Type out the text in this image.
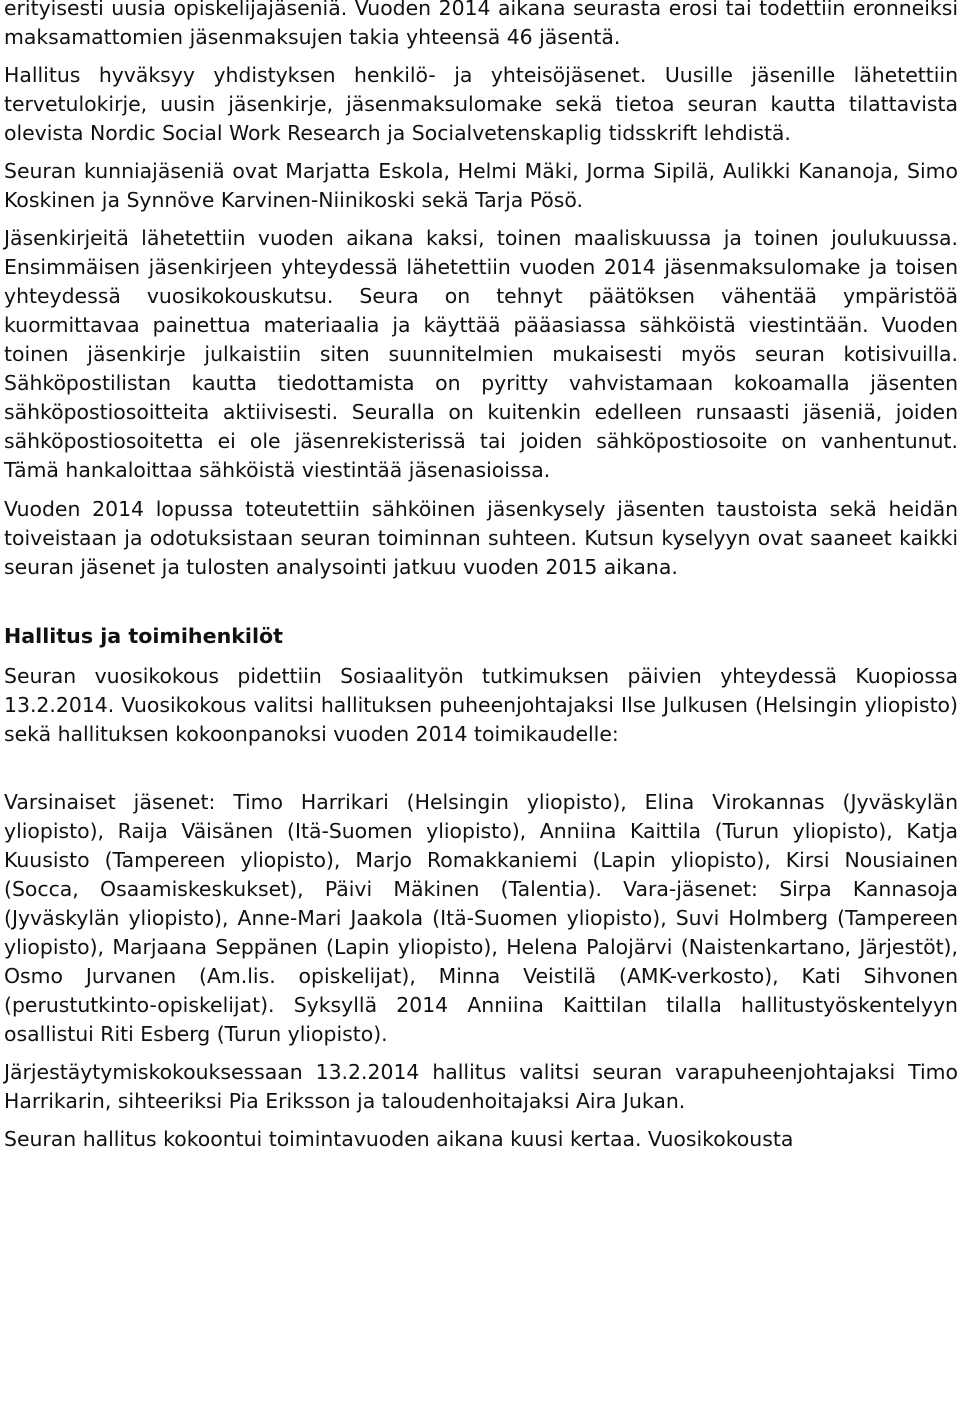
erityisesti uusia opiskelijajäseniä. Vuoden 2014 aikana seurasta erosi tai todettiin eronneiksi maksamattomien jäsenmaksujen takia yhteensä 46 jäsentä.

Hallitus hyväksyy yhdistyksen henkilö- ja yhteisöjäsenet. Uusille jäsenille lähetettiin tervetulokirje, uusin jäsenkirje, jäsenmaksulomake sekä tietoa seuran kautta tilattavista olevista Nordic Social Work Research ja Socialvetenskaplig tidsskrift lehdistä.

Seuran kunniajäseniä ovat Marjatta Eskola, Helmi Mäki, Jorma Sipilä, Aulikki Kananoja, Simo Koskinen ja Synnöve Karvinen-Niinikoski sekä Tarja Pösö.

Jäsenkirjeitä lähetettiin vuoden aikana kaksi, toinen maaliskuussa ja toinen joulukuussa. Ensimmäisen jäsenkirjeen yhteydessä lähetettiin vuoden 2014 jäsenmaksulomake ja toisen yhteydessä vuosikokouskutsu. Seura on tehnyt päätöksen vähentää ympäristöä kuormittavaa painettua materiaalia ja käyttää pääasiassa sähköistä viestintään. Vuoden toinen jäsenkirje julkaistiin siten suunnitelmien mukaisesti myös seuran kotisivuilla. Sähköpostilistan kautta tiedottamista on pyritty vahvistamaan kokoamalla jäsenten sähköpostiosoitteita aktiivisesti. Seuralla on kuitenkin edelleen runsaasti jäseniä, joiden sähköpostiosoitetta ei ole jäsenrekisterissä tai joiden sähköpostiosoite on vanhentunut. Tämä hankaloittaa sähköistä viestintää jäsenasioissa.

Vuoden 2014 lopussa toteutettiin sähköinen jäsenkysely jäsenten taustoista sekä heidän toiveistaan ja odotuksistaan seuran toiminnan suhteen. Kutsun kyselyyn ovat saaneet kaikki seuran jäsenet ja tulosten analysointi jatkuu vuoden 2015 aikana.

Hallitus ja toimihenkilöt

Seuran vuosikokous pidettiin Sosiaalityön tutkimuksen päivien yhteydessä Kuopiossa 13.2.2014. Vuosikokous valitsi hallituksen puheenjohtajaksi Ilse Julkusen (Helsingin yliopisto) sekä hallituksen kokoonpanoksi vuoden 2014 toimikaudelle:

Varsinaiset jäsenet: Timo Harrikari (Helsingin yliopisto), Elina Virokannas (Jyväskylän yliopisto), Raija Väisänen (Itä-Suomen yliopisto), Anniina Kaittila (Turun yliopisto), Katja Kuusisto (Tampereen yliopisto), Marjo Romakkaniemi (Lapin yliopisto), Kirsi Nousiainen (Socca, Osaamiskeskukset), Päivi Mäkinen (Talentia). Vara-jäsenet: Sirpa Kannasoja (Jyväskylän yliopisto), Anne-Mari Jaakola (Itä-Suomen yliopisto), Suvi Holmberg (Tampereen yliopisto), Marjaana Seppänen (Lapin yliopisto), Helena Palojärvi (Naistenkartano, Järjestöt), Osmo Jurvanen (Am.lis. opiskelijat), Minna Veistilä (AMK-verkosto), Kati Sihvonen (perustutkinto-opiskelijat). Syksyllä 2014 Anniina Kaittilan tilalla hallitustyöskentelyyn osallistui Riti Esberg (Turun yliopisto).

Järjestäytymiskokouksessaan 13.2.2014 hallitus valitsi seuran varapuheenjohtajaksi Timo Harrikarin, sihteeriksi Pia Eriksson ja taloudenhoitajaksi Aira Jukan.

Seuran hallitus kokoontui toimintavuoden aikana kuusi kertaa. Vuosikokousta
